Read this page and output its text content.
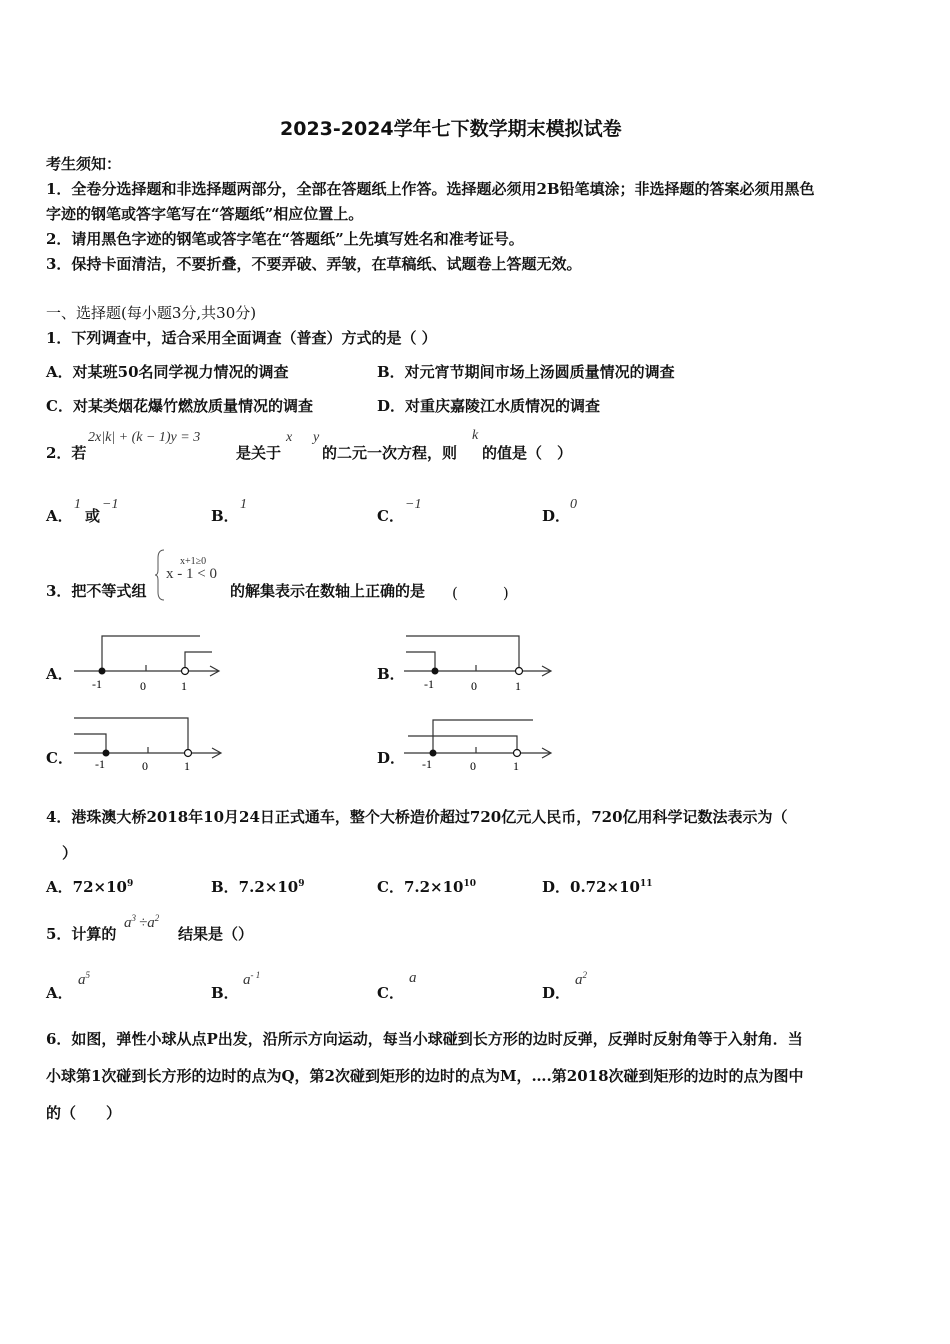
2023-2024学年七下数学期末模拟试卷
考生须知：
1．全卷分选择题和非选择题两部分，全部在答题纸上作答。选择题必须用2B铅笔填涂；非选择题的答案必须用黑色
字迹的钢笔或答字笔写在“答题纸”相应位置上。
2．请用黑色字迹的钢笔或答字笔在“答题纸”上先填写姓名和准考证号。
3．保持卡面清洁，不要折叠，不要弄破、弄皱，在草稿纸、试题卷上答题无效。
一、选择题(每小题3分,共30分)
1．下列调查中，适合采用全面调查（普查）方式的是（ ）
A．对某班50名同学视力情况的调查	B．对元宵节期间市场上汤圆质量情况的调查
C．对某类烟花爆竹燃放质量情况的调查	D．对重庆嘉陵江水质情况的调查
2．若
2x|k| + (k − 1)y = 3
是关于
x y
的二元一次方程，则
k
的值是（　）
A．
1
或
−1
B．
1
C．
−1
D．
0
3．把不等式组
x+1≥0
x - 1 < 0
的解集表示在数轴上正确的是 (　　　)
A．
-1	0	1
B．
-1	0	1
C． -1	0	1	D． -1	0	1
4．港珠澳大桥2018年10月24日正式通车，整个大桥造价超过720亿元人民币，720亿用科学记数法表示为（
）
A．$72\times 10^9$	B．$7.2\times 10^9$	C．$7.2\times 10^{10}$	D．$0.72\times 10^{11}$
5．计算的
$a^3 \div a^2$
结果是（）
A．
$a^5$
B．
$a^{- 1}$
C．
a
D．
$a^2$
6．如图，弹性小球从点P出发，沿所示方向运动，每当小球碰到长方形的边时反弹，反弹时反射角等于入射角．当
小球第1次碰到长方形的边时的点为Q，第2次碰到矩形的边时的点为M，….第2018次碰到矩形的边时的点为图中
的（　　）
